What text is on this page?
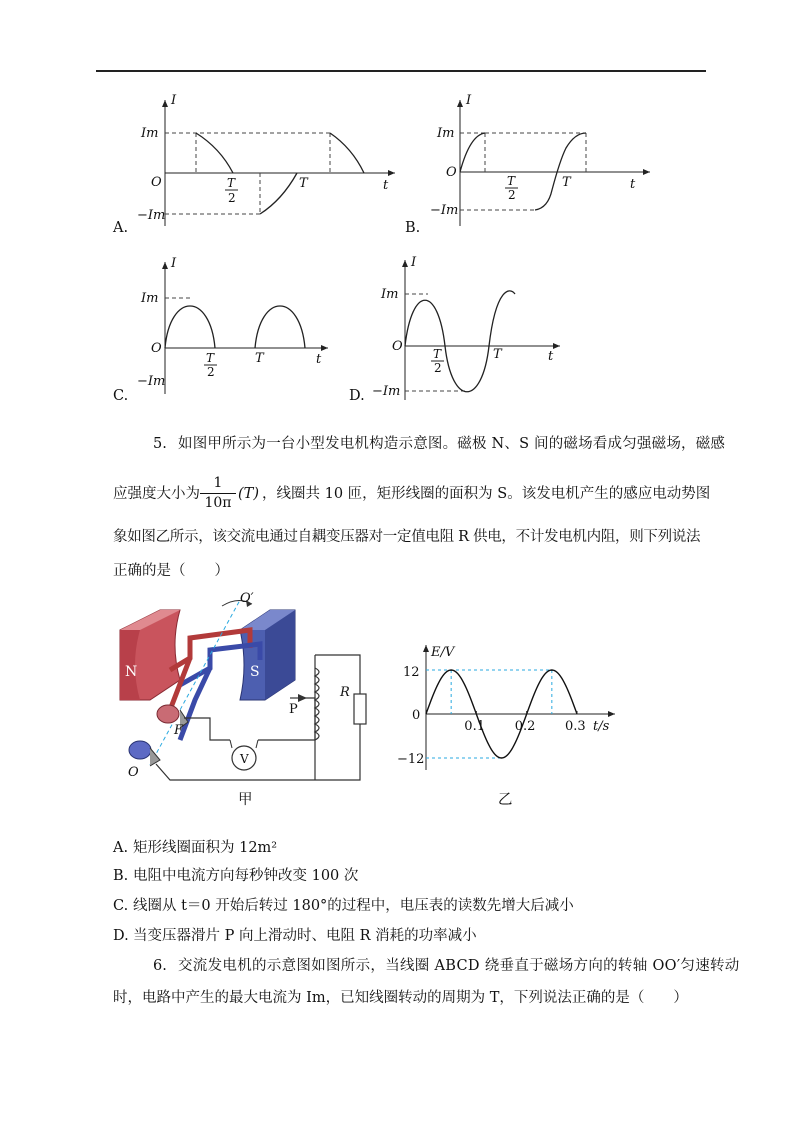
I
Im
O
−Im
T
2
T	t
I
Im
O
−Im
T
2
T	t
I
Im
O
−Im
T
2
T	t
I
Im
O
−Im
T
2
T	t
A.	B.
C.	D.
5. 如图甲所示为一台小型发电机构造示意图。磁极 N、S 间的磁场看成匀强磁场，磁感
应强度大小为 $\frac{1}{10\pi} (T)$ ，线圈共 10 匝，矩形线圈的面积为 S。该发电机产生的感应电动势图
象如图乙所示，该交流电通过自耦变压器对一定值电阻 R 供电，不计发电机内阻，则下列说法
正确的是（　　）
N	S
O′
O
F
P
R
V
甲
0.1 0.2 0.3
E/V
t/s
0
12
−12
乙
A. 矩形线圈面积为 12m²
B. 电阻中电流方向每秒钟改变 100 次
C. 线圈从 t＝0 开始后转过 180°的过程中，电压表的读数先增大后减小
D. 当变压器滑片 P 向上滑动时、电阻 R 消耗的功率减小
6. 交流发电机的示意图如图所示，当线圈 ABCD 绕垂直于磁场方向的转轴 OO′匀速转动
时，电路中产生的最大电流为 Im，已知线圈转动的周期为 T，下列说法正确的是（　　）
